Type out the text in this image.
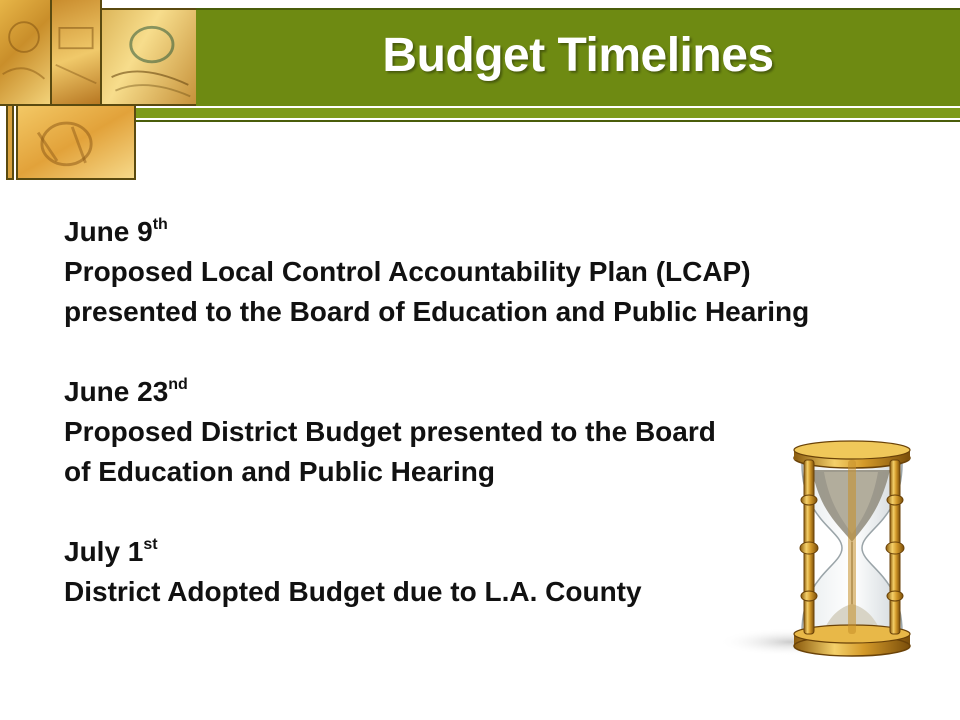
Budget Timelines

June 9th

Proposed Local Control Accountability Plan (LCAP)

presented to the Board of Education and Public Hearing

June 23nd

Proposed District Budget presented to the Board

of Education and Public Hearing

July 1st

District Adopted Budget due to L.A. County
